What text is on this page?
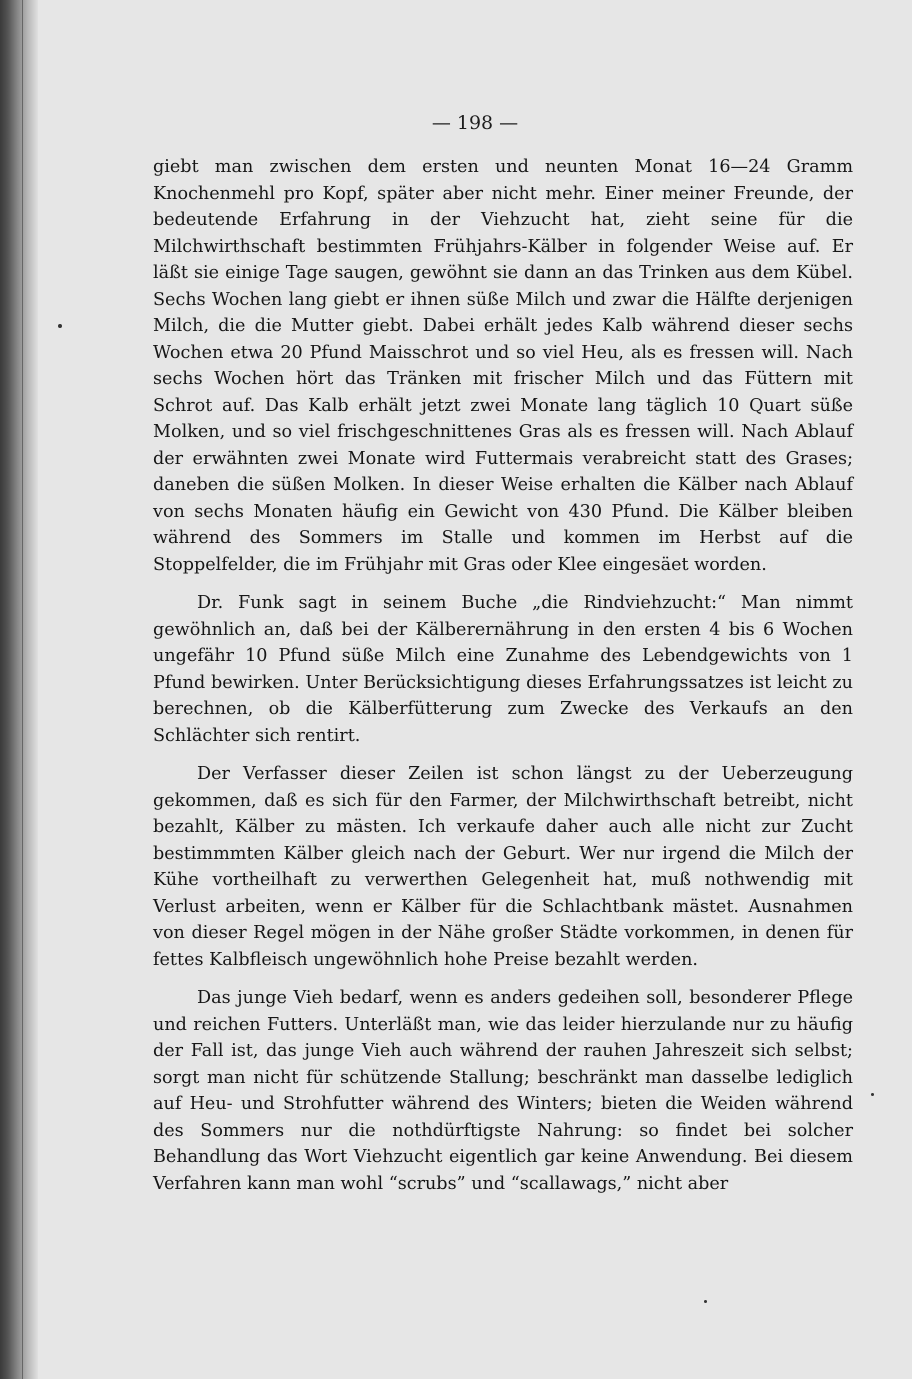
— 198 —

giebt man zwischen dem ersten und neunten Monat 16—24 Gramm Knochenmehl pro Kopf, später aber nicht mehr. Einer meiner Freunde, der bedeutende Erfahrung in der Viehzucht hat, zieht seine für die Milchwirthschaft bestimmten Frühjahrs-Kälber in folgender Weise auf. Er läßt sie einige Tage saugen, gewöhnt sie dann an das Trinken aus dem Kübel. Sechs Wochen lang giebt er ihnen süße Milch und zwar die Hälfte derjenigen Milch, die die Mutter giebt. Dabei erhält jedes Kalb während dieser sechs Wochen etwa 20 Pfund Maisschrot und so viel Heu, als es fressen will. Nach sechs Wochen hört das Tränken mit frischer Milch und das Füttern mit Schrot auf. Das Kalb erhält jetzt zwei Monate lang täglich 10 Quart süße Molken, und so viel frischgeschnittenes Gras als es fressen will. Nach Ablauf der erwähnten zwei Monate wird Futtermais verabreicht statt des Grases; daneben die süßen Molken. In dieser Weise erhalten die Kälber nach Ablauf von sechs Monaten häufig ein Gewicht von 430 Pfund. Die Kälber bleiben während des Sommers im Stalle und kommen im Herbst auf die Stoppelfelder, die im Frühjahr mit Gras oder Klee eingesäet worden.

Dr. Funk sagt in seinem Buche „die Rindviehzucht:“ Man nimmt gewöhnlich an, daß bei der Kälberernährung in den ersten 4 bis 6 Wochen ungefähr 10 Pfund süße Milch eine Zunahme des Lebendgewichts von 1 Pfund bewirken. Unter Berücksichtigung dieses Erfahrungssatzes ist leicht zu berechnen, ob die Kälberfütterung zum Zwecke des Verkaufs an den Schlächter sich rentirt.

Der Verfasser dieser Zeilen ist schon längst zu der Ueberzeugung gekommen, daß es sich für den Farmer, der Milchwirthschaft betreibt, nicht bezahlt, Kälber zu mästen. Ich verkaufe daher auch alle nicht zur Zucht bestimmmten Kälber gleich nach der Geburt. Wer nur irgend die Milch der Kühe vortheilhaft zu verwerthen Gelegenheit hat, muß nothwendig mit Verlust arbeiten, wenn er Kälber für die Schlachtbank mästet. Ausnahmen von dieser Regel mögen in der Nähe großer Städte vorkommen, in denen für fettes Kalbfleisch ungewöhnlich hohe Preise bezahlt werden.

Das junge Vieh bedarf, wenn es anders gedeihen soll, besonderer Pflege und reichen Futters. Unterläßt man, wie das leider hierzulande nur zu häufig der Fall ist, das junge Vieh auch während der rauhen Jahreszeit sich selbst; sorgt man nicht für schützende Stallung; beschränkt man dasselbe lediglich auf Heu- und Strohfutter während des Winters; bieten die Weiden während des Sommers nur die nothdürftigste Nahrung: so findet bei solcher Behandlung das Wort Viehzucht eigentlich gar keine Anwendung. Bei diesem Verfahren kann man wohl “scrubs” und “scallawags,” nicht aber
